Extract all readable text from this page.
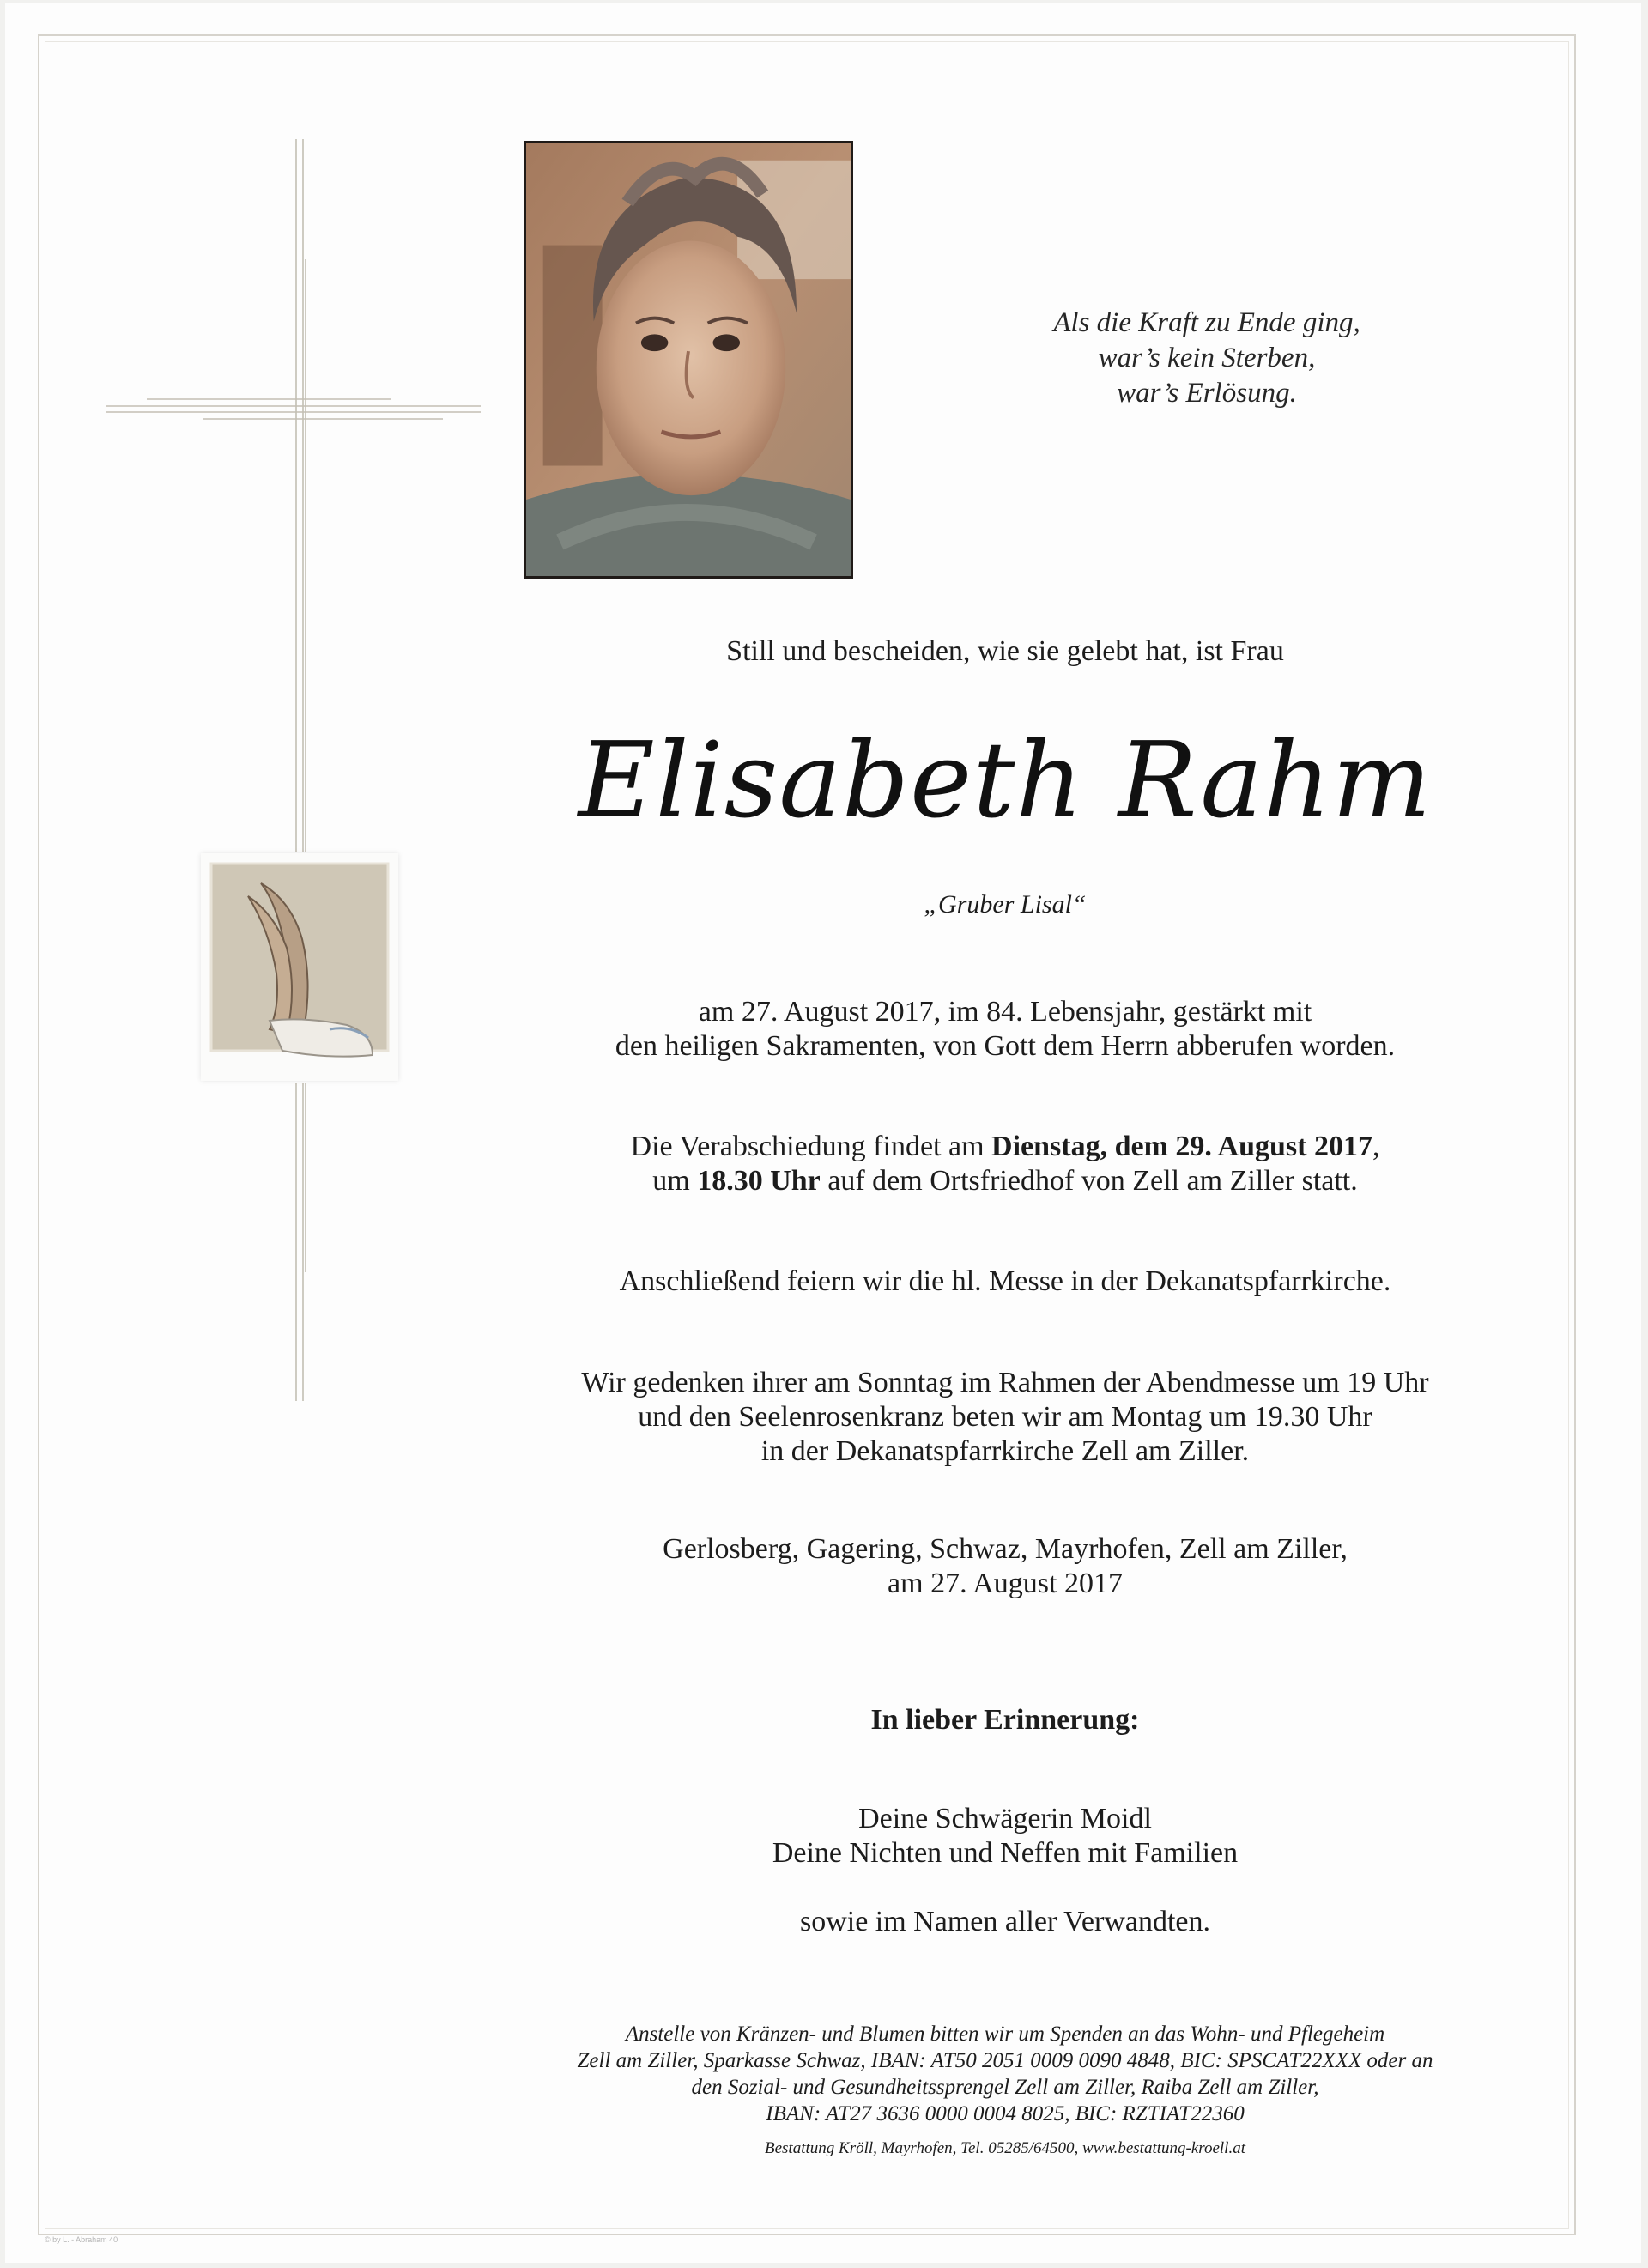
Als die Kraft zu Ende ging,
war’s kein Sterben,
war’s Erlösung.

Still und bescheiden, wie sie gelebt hat, ist Frau

Elisabeth Rahm

„Gruber Lisal“

am 27. August 2017, im 84. Lebensjahr, gestärkt mit
den heiligen Sakramenten, von Gott dem Herrn abberufen worden.

Die Verabschiedung findet am Dienstag, dem 29. August 2017,
um 18.30 Uhr auf dem Ortsfriedhof von Zell am Ziller statt.

Anschließend feiern wir die hl. Messe in der Dekanatspfarrkirche.

Wir gedenken ihrer am Sonntag im Rahmen der Abendmesse um 19 Uhr
und den Seelenrosenkranz beten wir am Montag um 19.30 Uhr
in der Dekanatspfarrkirche Zell am Ziller.

Gerlosberg, Gagering, Schwaz, Mayrhofen, Zell am Ziller,
am 27. August 2017

In lieber Erinnerung:

Deine Schwägerin Moidl
Deine Nichten und Neffen mit Familien

sowie im Namen aller Verwandten.

Anstelle von Kränzen- und Blumen bitten wir um Spenden an das Wohn- und Pflegeheim
Zell am Ziller, Sparkasse Schwaz, IBAN: AT50 2051 0009 0090 4848, BIC: SPSCAT22XXX oder an
den Sozial- und Gesundheitssprengel Zell am Ziller, Raiba Zell am Ziller,
IBAN: AT27 3636 0000 0004 8025, BIC: RZTIAT22360

Bestattung Kröll, Mayrhofen, Tel. 05285/64500, www.bestattung-kroell.at

© by L. - Abraham 40
